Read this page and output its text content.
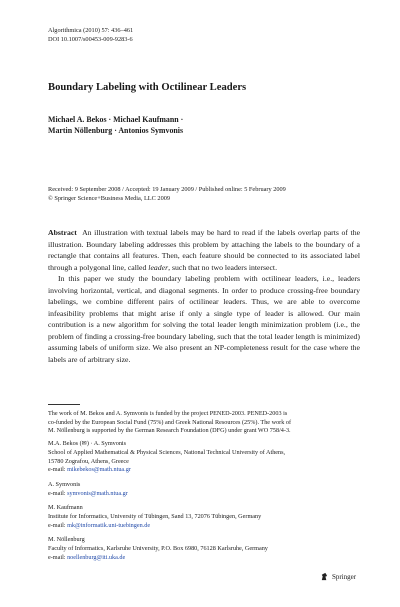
Algorithmica (2010) 57: 436–461
DOI 10.1007/s00453-009-9283-6
Boundary Labeling with Octilinear Leaders
Michael A. Bekos · Michael Kaufmann ·
Martin Nöllenburg · Antonios Symvonis
Received: 9 September 2008 / Accepted: 19 January 2009 / Published online: 5 February 2009
© Springer Science+Business Media, LLC 2009

Abstract An illustration with textual labels may be hard to read if the labels overlap parts of the illustration. Boundary labeling addresses this problem by attaching the labels to the boundary of a rectangle that contains all features. Then, each feature should be connected to its associated label through a polygonal line, called leader, such that no two leaders intersect.

In this paper we study the boundary labeling problem with octilinear leaders, i.e., leaders involving horizontal, vertical, and diagonal segments. In order to produce crossing-free boundary labelings, we combine different pairs of octilinear leaders. Thus, we are able to overcome infeasibility problems that might arise if only a single type of leader is allowed. Our main contribution is a new algorithm for solving the total leader length minimization problem (i.e., the problem of finding a crossing-free boundary labeling, such that the total leader length is minimized) assuming labels of uniform size. We also present an NP-completeness result for the case where the labels are of arbitrary size.

The work of M. Bekos and A. Symvonis is funded by the project PENED-2003. PENED-2003 is
co-funded by the European Social Fund (75%) and Greek National Resources (25%). The work of
M. Nöllenburg is supported by the German Research Foundation (DFG) under grant WO 758/4-3.
M.A. Bekos (✉) · A. Symvonis
School of Applied Mathematical & Physical Sciences, National Technical University of Athens,
15780 Zografou, Athens, Greece
e-mail: mikebekos@math.ntua.gr
A. Symvonis
e-mail: symvonis@math.ntua.gr
M. Kaufmann
Institute for Informatics, University of Tübingen, Sand 13, 72076 Tübingen, Germany
e-mail: mk@informatik.uni-tuebingen.de
M. Nöllenburg
Faculty of Informatics, Karlsruhe University, P.O. Box 6980, 76128 Karlsruhe, Germany
e-mail: noellenburg@iti.uka.de
Springer
